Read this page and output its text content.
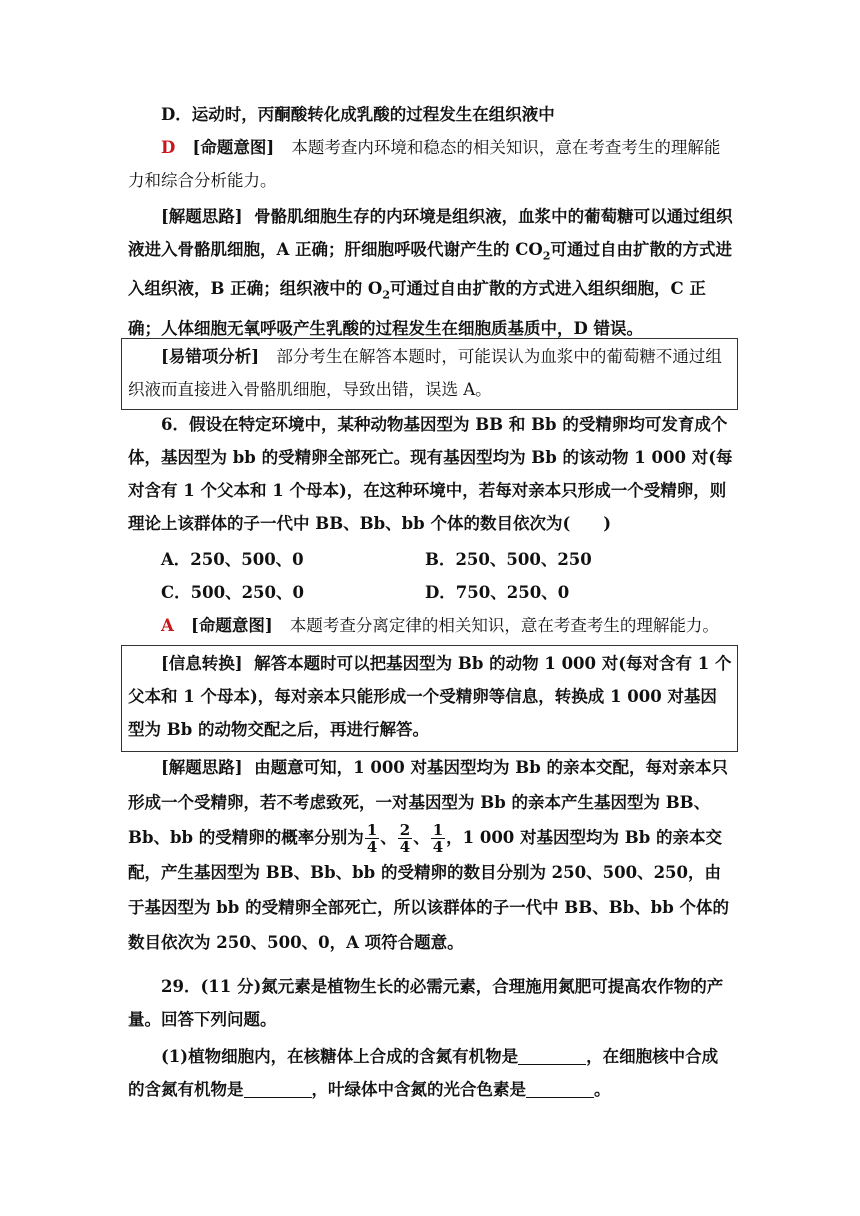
D．运动时，丙酮酸转化成乳酸的过程发生在组织液中

D [命题意图] 本题考查内环境和稳态的相关知识，意在考查考生的理解能力和综合分析能力。

[解题思路] 骨骼肌细胞生存的内环境是组织液，血浆中的葡萄糖可以通过组织液进入骨骼肌细胞，A 正确；肝细胞呼吸代谢产生的 $CO_2$可通过自由扩散的方式进入组织液，B 正确；组织液中的 $O_2$可通过自由扩散的方式进入组织细胞，C 正确；人体细胞无氧呼吸产生乳酸的过程发生在细胞质基质中，D 错误。

[易错项分析] 部分考生在解答本题时，可能误认为血浆中的葡萄糖不通过组织液而直接进入骨骼肌细胞，导致出错，误选 A。

6．假设在特定环境中，某种动物基因型为 BB 和 Bb 的受精卵均可发育成个体，基因型为 bb 的受精卵全部死亡。现有基因型均为 Bb 的该动物 1 000 对(每对含有 1 个父本和 1 个母本)，在这种环境中，若每对亲本只形成一个受精卵，则理论上该群体的子一代中 BB、Bb、bb 个体的数目依次为(　　)

A．250、500、0	B．250、500、250
C．500、250、0	D．750、250、0

A [命题意图] 本题考查分离定律的相关知识，意在考查考生的理解能力。

[信息转换] 解答本题时可以把基因型为 Bb 的动物 1 000 对(每对含有 1 个父本和 1 个母本)，每对亲本只能形成一个受精卵等信息，转换成 1 000 对基因型为 Bb 的动物交配之后，再进行解答。

[解题思路] 由题意可知，1 000 对基因型均为 Bb 的亲本交配，每对亲本只形成一个受精卵，若不考虑致死，一对基因型为 Bb 的亲本产生基因型为 BB、Bb、bb 的受精卵的概率分别为 $\frac{1}{4}$ 、 $\frac{2}{4}$ 、 $\frac{1}{4}$ ，1 000 对基因型均为 Bb 的亲本交配，产生基因型为 BB、Bb、bb 的受精卵的数目分别为 250、500、250，由于基因型为 bb 的受精卵全部死亡，所以该群体的子一代中 BB、Bb、bb 个体的数目依次为 250、500、0，A 项符合题意。

29．(11 分)氮元素是植物生长的必需元素，合理施用氮肥可提高农作物的产量。回答下列问题。

(1)植物细胞内，在核糖体上合成的含氮有机物是	，在细胞核中合成的含氮有机物是	，叶绿体中含氮的光合色素是	。
